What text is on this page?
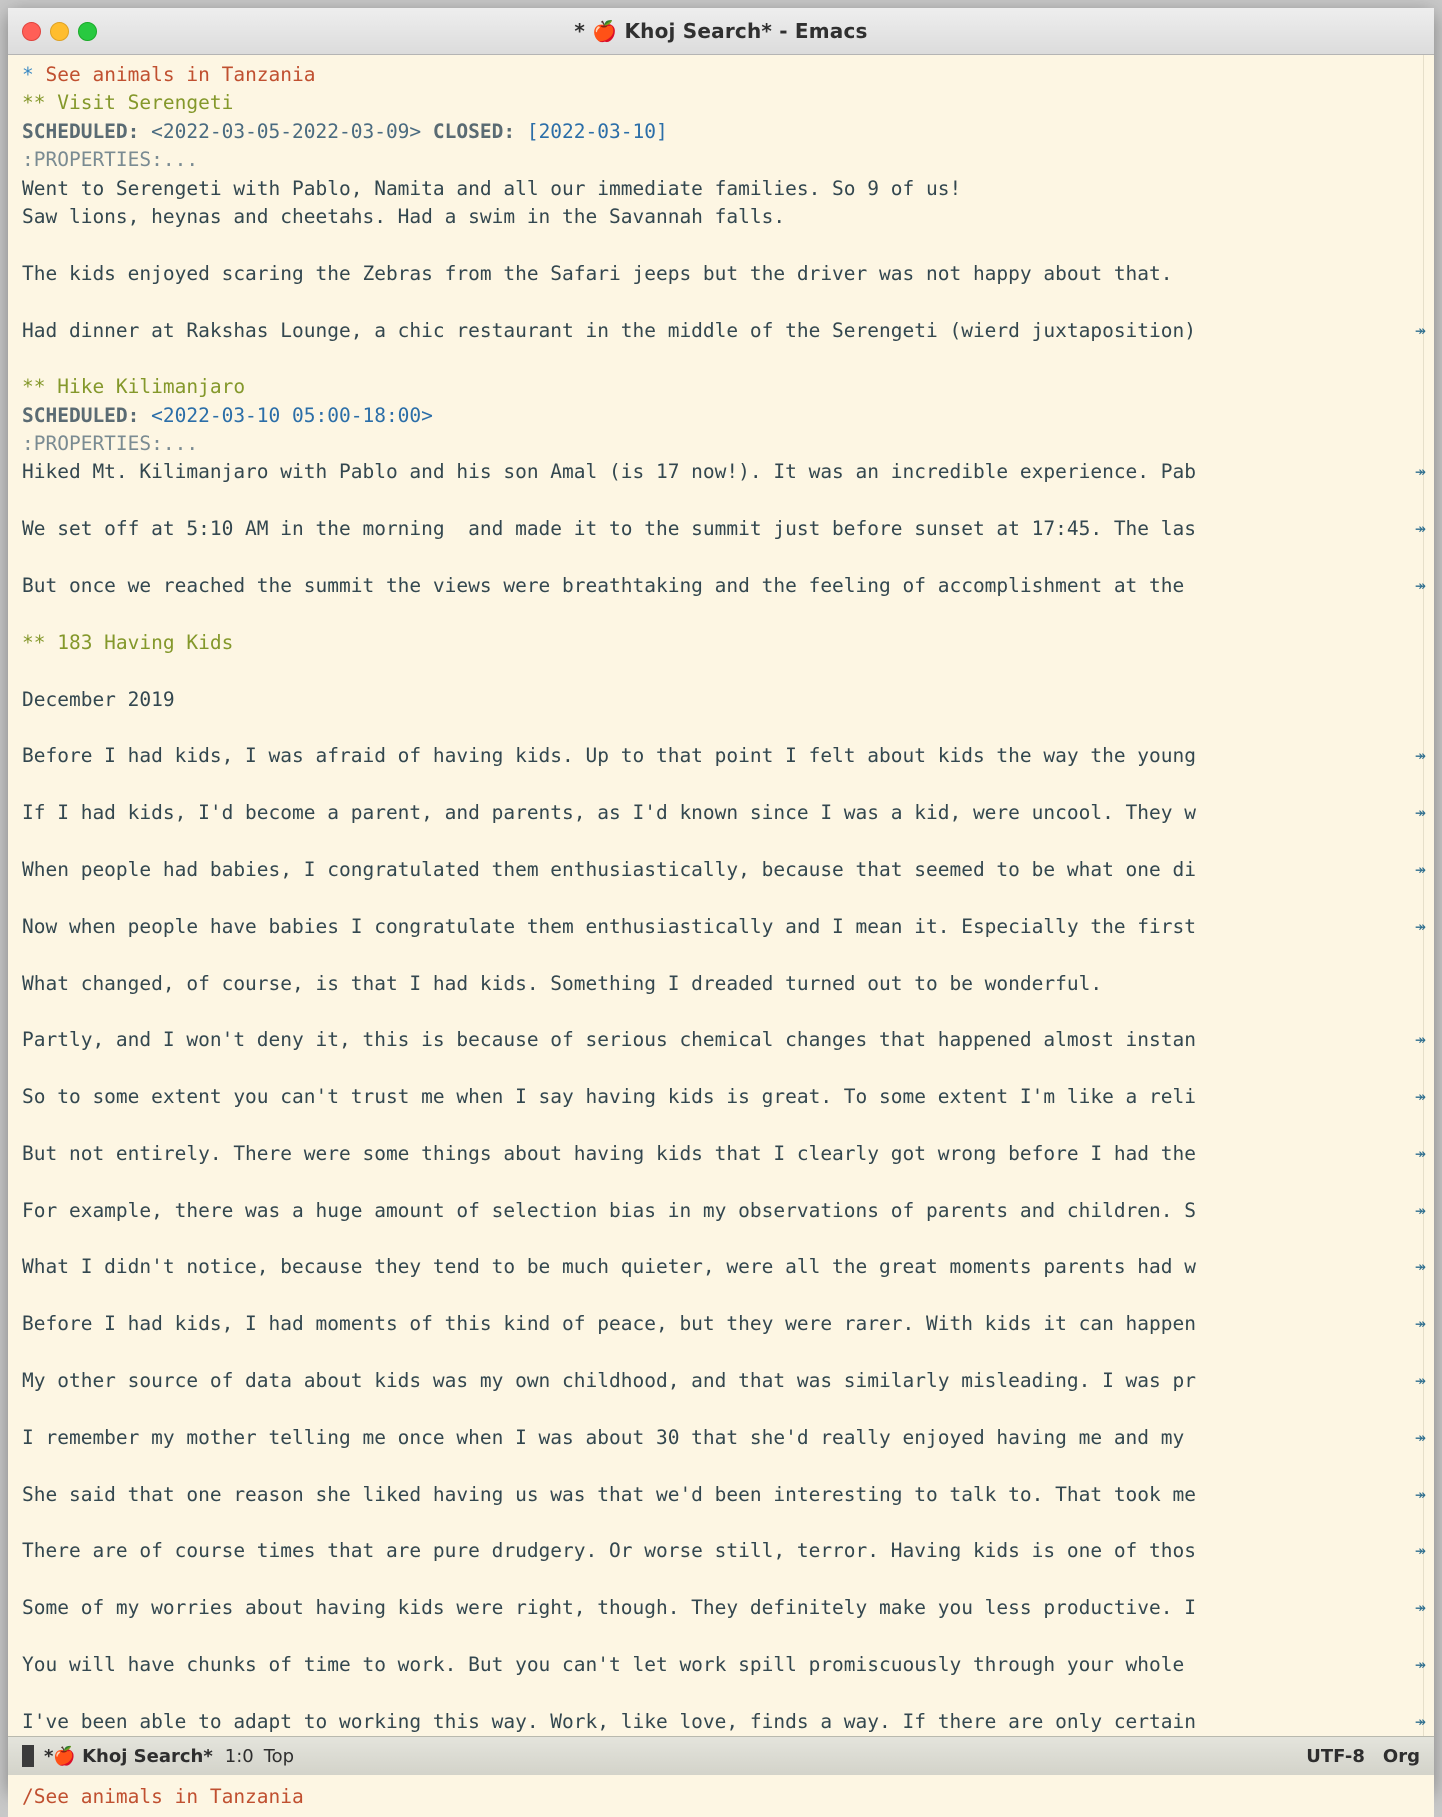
* 🍎 Khoj Search* - Emacs
* See animals in Tanzania
** Visit Serengeti
SCHEDULED: <2022-03-05-2022-03-09> CLOSED: [2022-03-10]
:PROPERTIES:...
Went to Serengeti with Pablo, Namita and all our immediate families. So 9 of us!
Saw lions, heynas and cheetahs. Had a swim in the Savannah falls.
The kids enjoyed scaring the Zebras from the Safari jeeps but the driver was not happy about that.
Had dinner at Rakshas Lounge, a chic restaurant in the middle of the Serengeti (wierd juxtaposition)	↠
** Hike Kilimanjaro
SCHEDULED: <2022-03-10 05:00-18:00>
:PROPERTIES:...
Hiked Mt. Kilimanjaro with Pablo and his son Amal (is 17 now!). It was an incredible experience. Pab	↠
We set off at 5:10 AM in the morning  and made it to the summit just before sunset at 17:45. The las	↠
But once we reached the summit the views were breathtaking and the feeling of accomplishment at the	↠
** 183 Having Kids
December 2019
Before I had kids, I was afraid of having kids. Up to that point I felt about kids the way the young	↠
If I had kids, I'd become a parent, and parents, as I'd known since I was a kid, were uncool. They w	↠
When people had babies, I congratulated them enthusiastically, because that seemed to be what one di	↠
Now when people have babies I congratulate them enthusiastically and I mean it. Especially the first	↠
What changed, of course, is that I had kids. Something I dreaded turned out to be wonderful.
Partly, and I won't deny it, this is because of serious chemical changes that happened almost instan	↠
So to some extent you can't trust me when I say having kids is great. To some extent I'm like a reli	↠
But not entirely. There were some things about having kids that I clearly got wrong before I had the	↠
For example, there was a huge amount of selection bias in my observations of parents and children. S	↠
What I didn't notice, because they tend to be much quieter, were all the great moments parents had w	↠
Before I had kids, I had moments of this kind of peace, but they were rarer. With kids it can happen	↠
My other source of data about kids was my own childhood, and that was similarly misleading. I was pr	↠
I remember my mother telling me once when I was about 30 that she'd really enjoyed having me and my	↠
She said that one reason she liked having us was that we'd been interesting to talk to. That took me	↠
There are of course times that are pure drudgery. Or worse still, terror. Having kids is one of thos	↠
Some of my worries about having kids were right, though. They definitely make you less productive. I	↠
You will have chunks of time to work. But you can't let work spill promiscuously through your whole	↠
I've been able to adapt to working this way. Work, like love, finds a way. If there are only certain	↠
*🍎 Khoj Search* 1:0 Top	UTF-8 Org
/See animals in Tanzania
